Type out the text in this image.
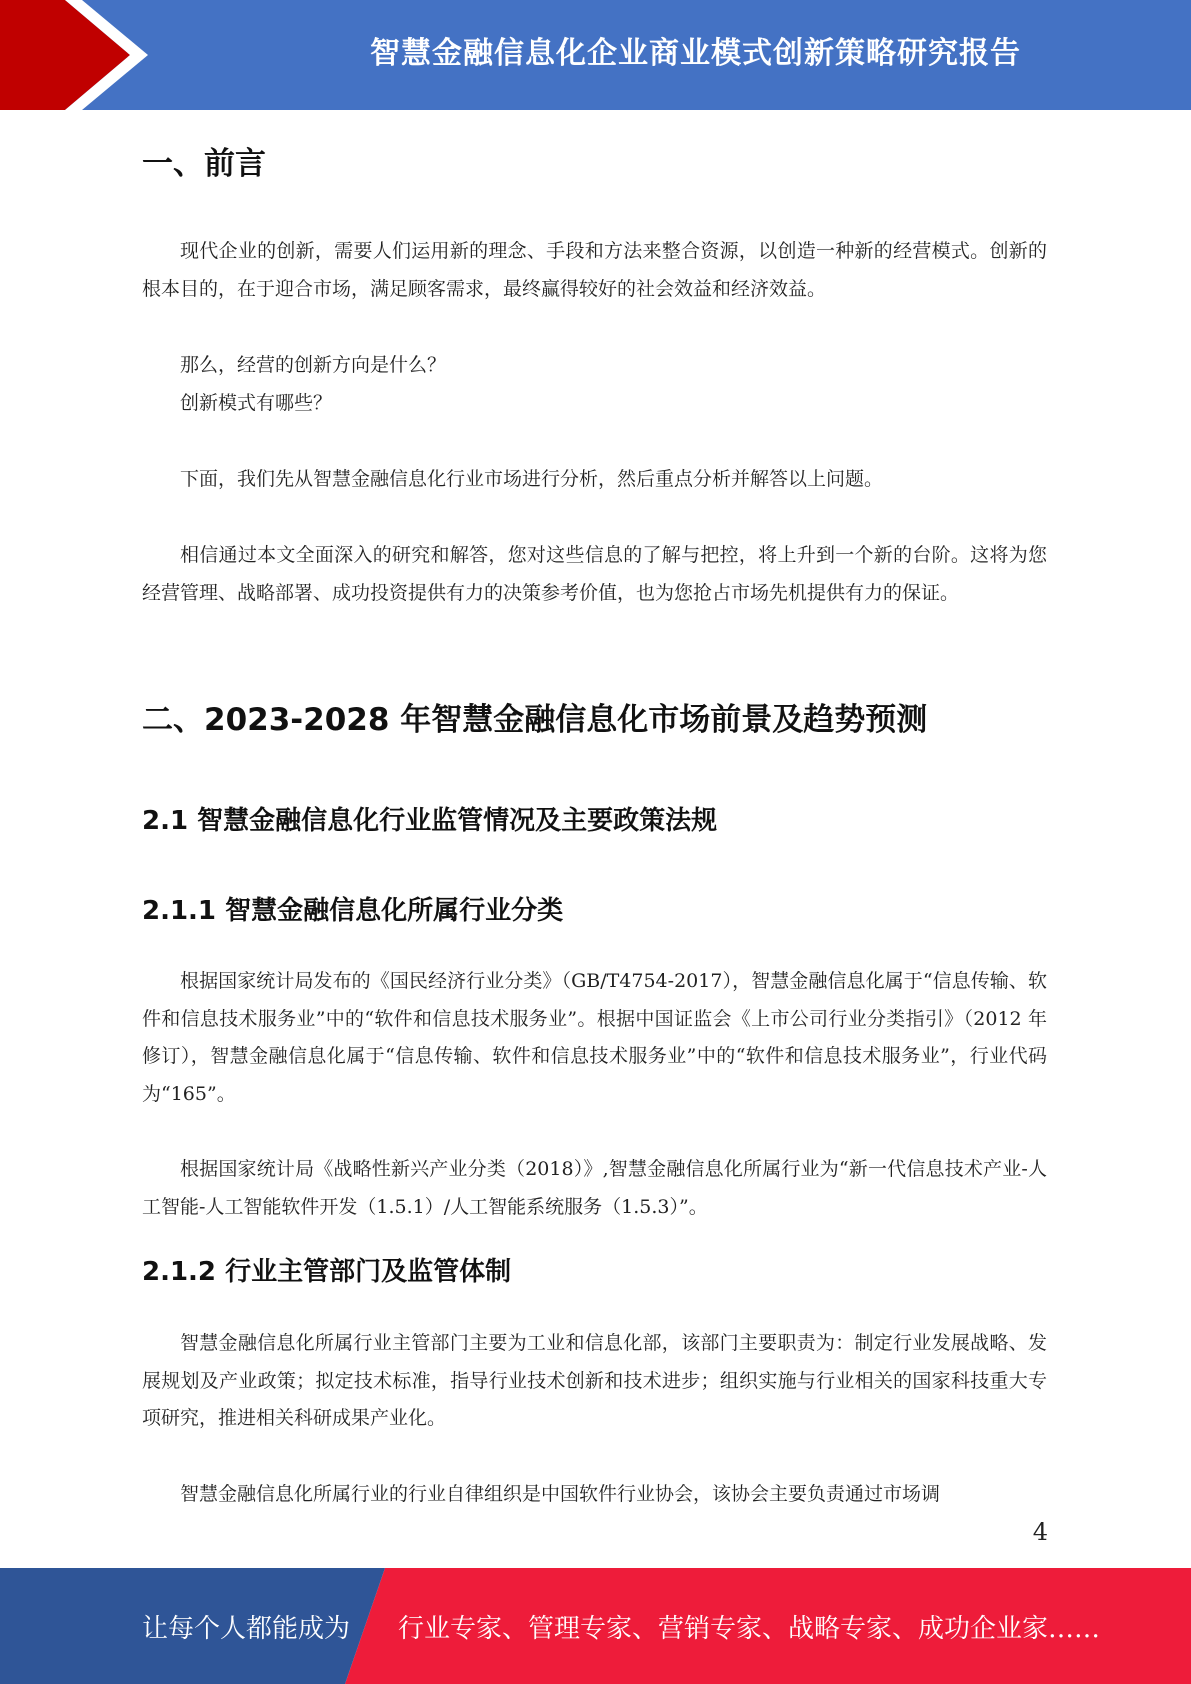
智慧金融信息化企业商业模式创新策略研究报告
一、前言

现代企业的创新，需要人们运用新的理念、手段和方法来整合资源，以创造一种新的经营模式。创新的根本目的，在于迎合市场，满足顾客需求，最终赢得较好的社会效益和经济效益。

那么，经营的创新方向是什么？

创新模式有哪些？

下面，我们先从智慧金融信息化行业市场进行分析，然后重点分析并解答以上问题。

相信通过本文全面深入的研究和解答，您对这些信息的了解与把控，将上升到一个新的台阶。这将为您经营管理、战略部署、成功投资提供有力的决策参考价值，也为您抢占市场先机提供有力的保证。

二、2023-2028 年智慧金融信息化市场前景及趋势预测
2.1 智慧金融信息化行业监管情况及主要政策法规
2.1.1 智慧金融信息化所属行业分类

根据国家统计局发布的《国民经济行业分类》（GB/T4754-2017），智慧金融信息化属于“信息传输、软件和信息技术服务业”中的“软件和信息技术服务业”。根据中国证监会《上市公司行业分类指引》（2012 年修订），智慧金融信息化属于“信息传输、软件和信息技术服务业”中的“软件和信息技术服务业”，行业代码为“165”。

根据国家统计局《战略性新兴产业分类（2018）》,智慧金融信息化所属行业为“新一代信息技术产业-人工智能-人工智能软件开发（1.5.1）/人工智能系统服务（1.5.3）”。

2.1.2 行业主管部门及监管体制

智慧金融信息化所属行业主管部门主要为工业和信息化部，该部门主要职责为：制定行业发展战略、发展规划及产业政策；拟定技术标准，指导行业技术创新和技术进步；组织实施与行业相关的国家科技重大专项研究，推进相关科研成果产业化。

智慧金融信息化所属行业的行业自律组织是中国软件行业协会，该协会主要负责通过市场调

4
让每个人都能成为 行业专家、管理专家、营销专家、战略专家、成功企业家……
